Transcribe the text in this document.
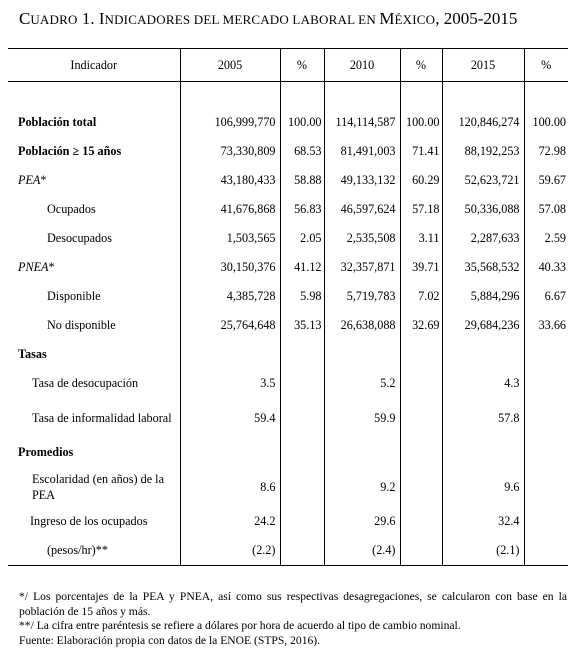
CUADRO 1. INDICADORES DEL MERCADO LABORAL EN MÉXICO, 2005-2015
Indicador	2005	%	2010	%	2015	%

Población total	106,999,770	100.00	114,114,587	100.00	120,846,274	100.00
Población ≥ 15 años	73,330,809	68.53	81,491,003	71.41	88,192,253	72.98
PEA*	43,180,433	58.88	49,133,132	60.29	52,623,721	59.67
Ocupados	41,676,868	56.83	46,597,624	57.18	50,336,088	57.08
Desocupados	1,503,565	2.05	2,535,508	3.11	2,287,633	2.59
PNEA*	30,150,376	41.12	32,357,871	39.71	35,568,532	40.33
Disponible	4,385,728	5.98	5,719,783	7.02	5,884,296	6.67
No disponible	25,764,648	35.13	26,638,088	32.69	29,684,236	33.66
Tasas						
Tasa de desocupación	3.5		5.2		4.3	
Tasa de informalidad laboral	59.4		59.9		57.8	
Promedios						
Escolaridad (en años) de la PEA	8.6		9.2		9.6	
Ingreso de los ocupados	24.2		29.6		32.4	
(pesos/hr)**	(2.2)		(2.4)		(2.1)	

*/ Los porcentajes de la PEA y PNEA, así como sus respectivas desagregaciones, se calcularon con base en la población de 15 años y más.

**/ La cifra entre paréntesis se refiere a dólares por hora de acuerdo al tipo de cambio nominal.

Fuente: Elaboración propia con datos de la ENOE (STPS, 2016).
